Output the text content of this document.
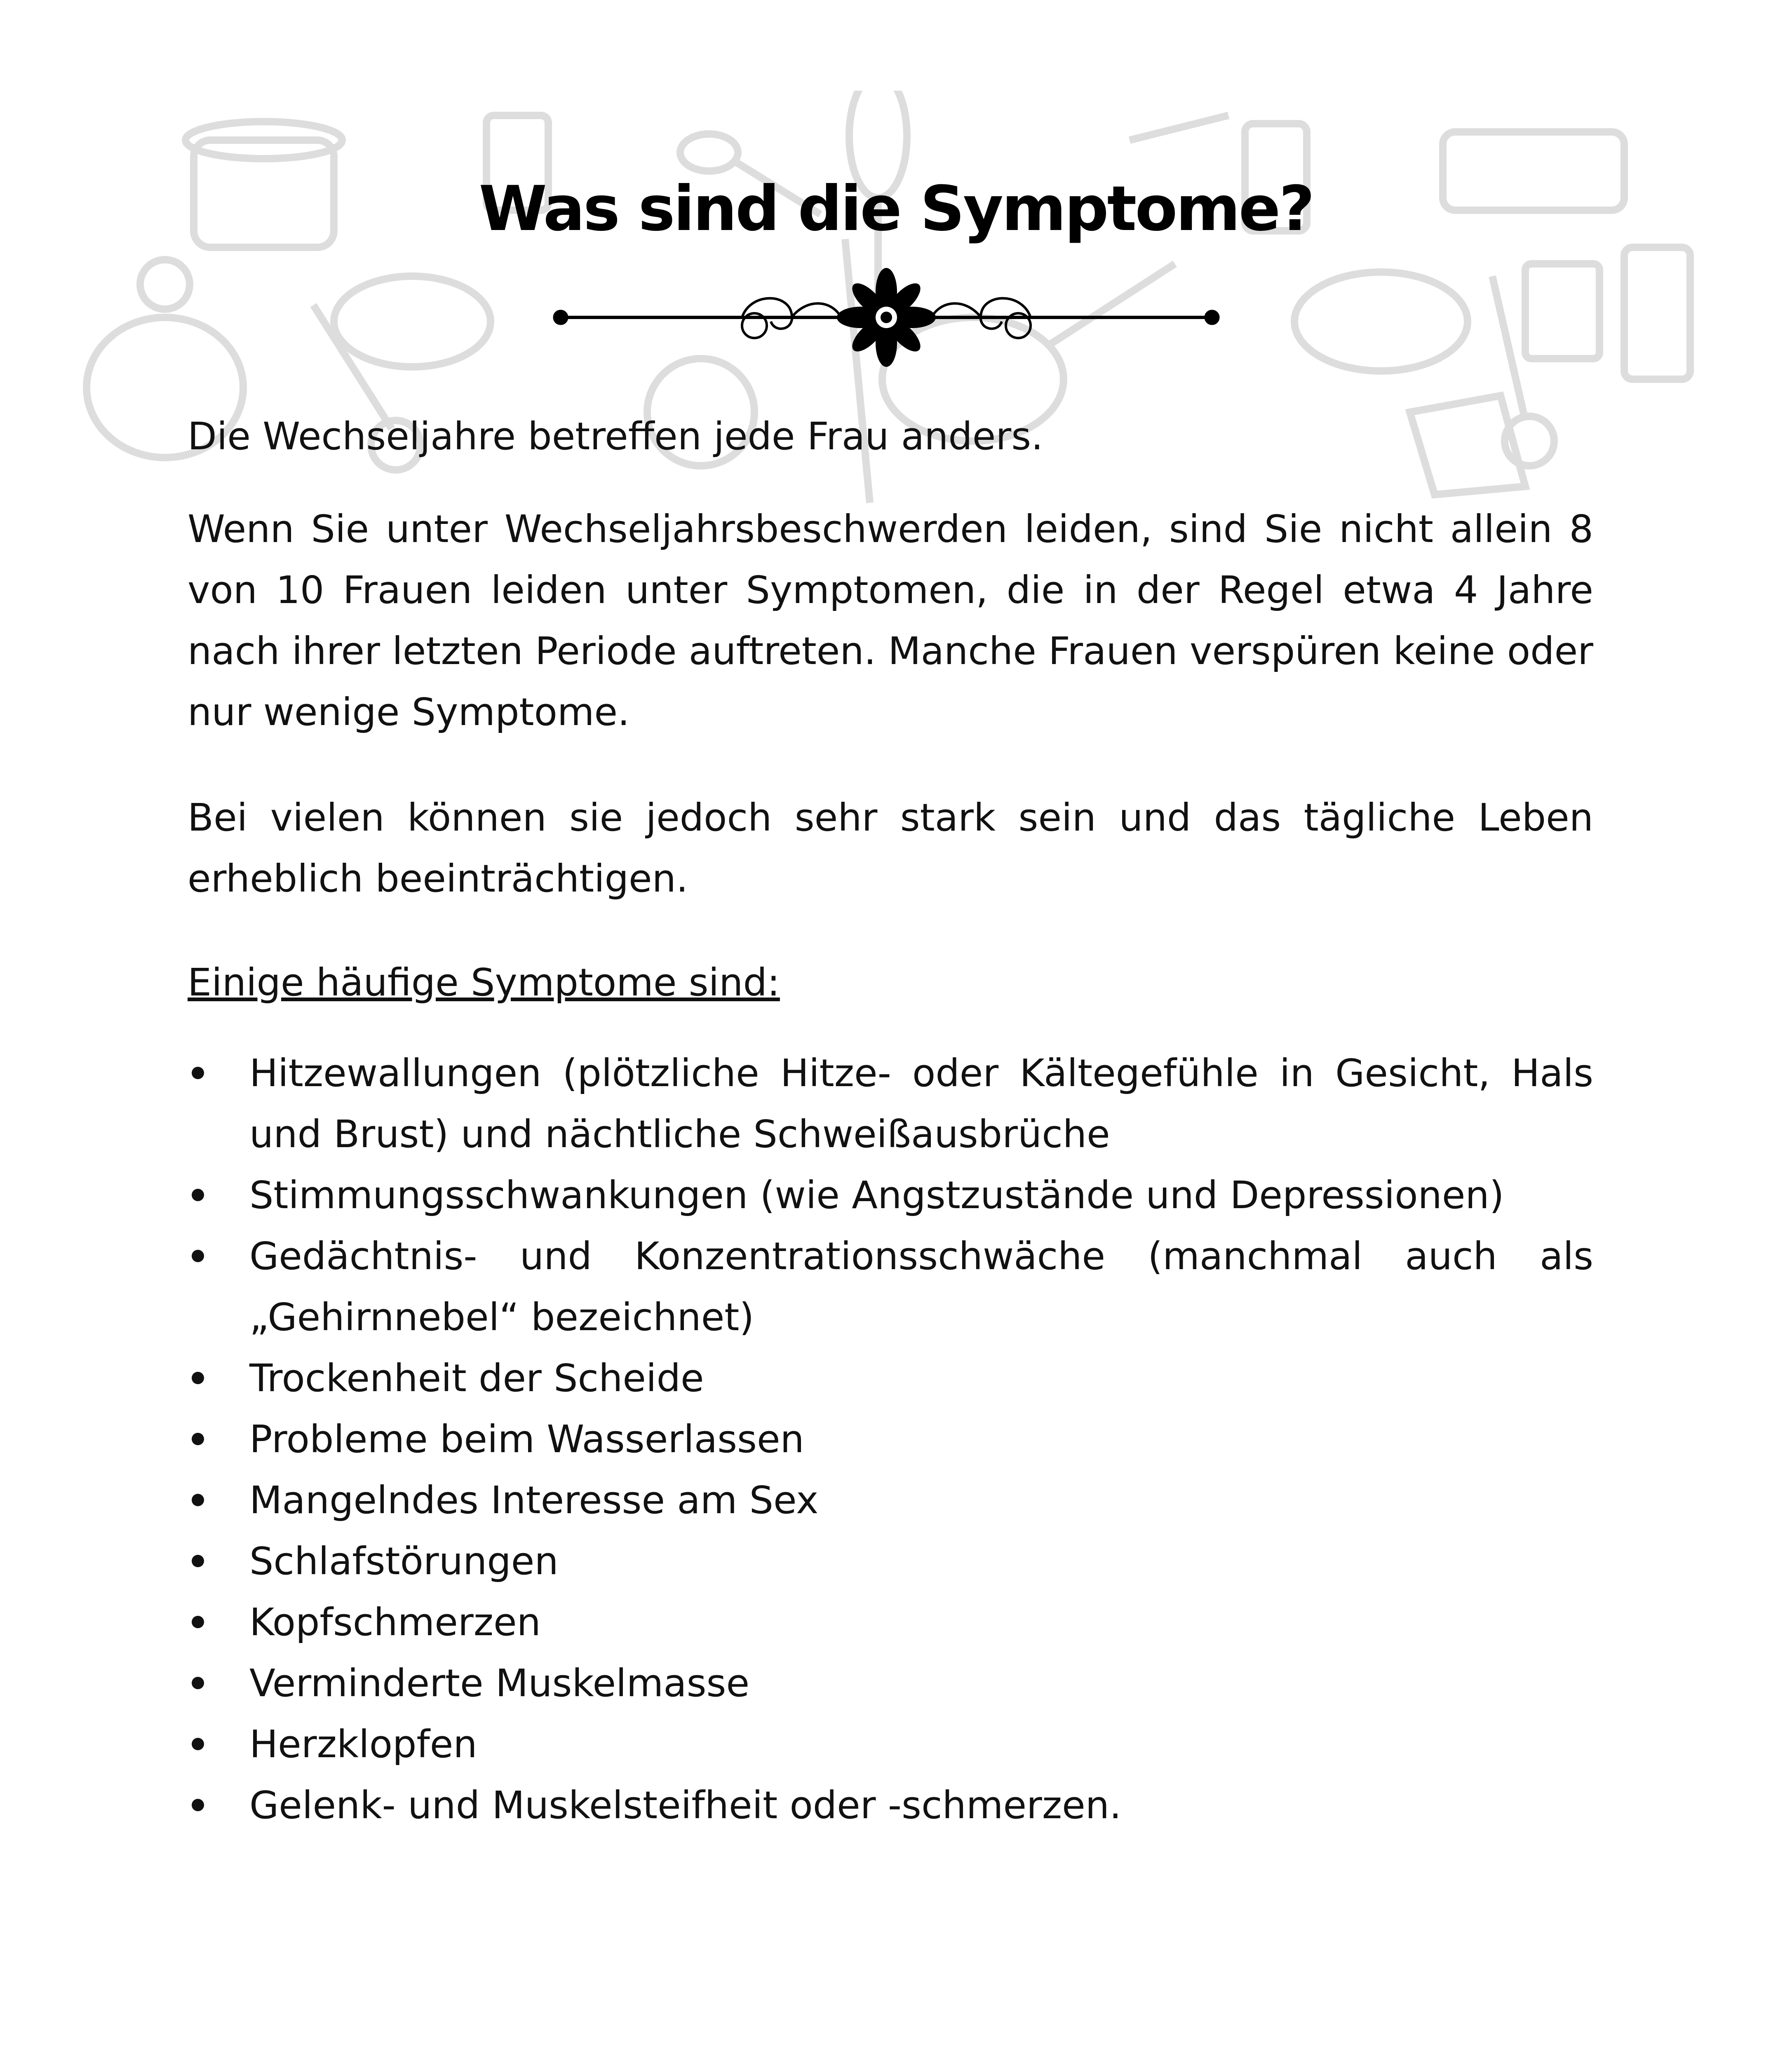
Was sind die Symptome?

Die Wechseljahre betreffen jede Frau anders.

Wenn Sie unter Wechseljahrsbeschwerden leiden, sind Sie nicht allein 8 von 10 Frauen leiden unter Symptomen, die in der Regel etwa 4 Jahre nach ihrer letzten Periode auftreten. Manche Frauen verspüren keine oder nur wenige Symptome.

Bei vielen können sie jedoch sehr stark sein und das tägliche Leben erheblich beeinträchtigen.

Einige häufige Symptome sind:

Hitzewallungen (plötzliche Hitze- oder Kältegefühle in Gesicht, Hals und Brust) und nächtliche Schweißausbrüche
Stimmungsschwankungen (wie Angstzustände und Depressionen)
Gedächtnis- und Konzentrationsschwäche (manchmal auch als „Gehirnnebel“ bezeichnet)
Trockenheit der Scheide
Probleme beim Wasserlassen
Mangelndes Interesse am Sex
Schlafstörungen
Kopfschmerzen
Verminderte Muskelmasse
Herzklopfen
Gelenk- und Muskelsteifheit oder -schmerzen.
